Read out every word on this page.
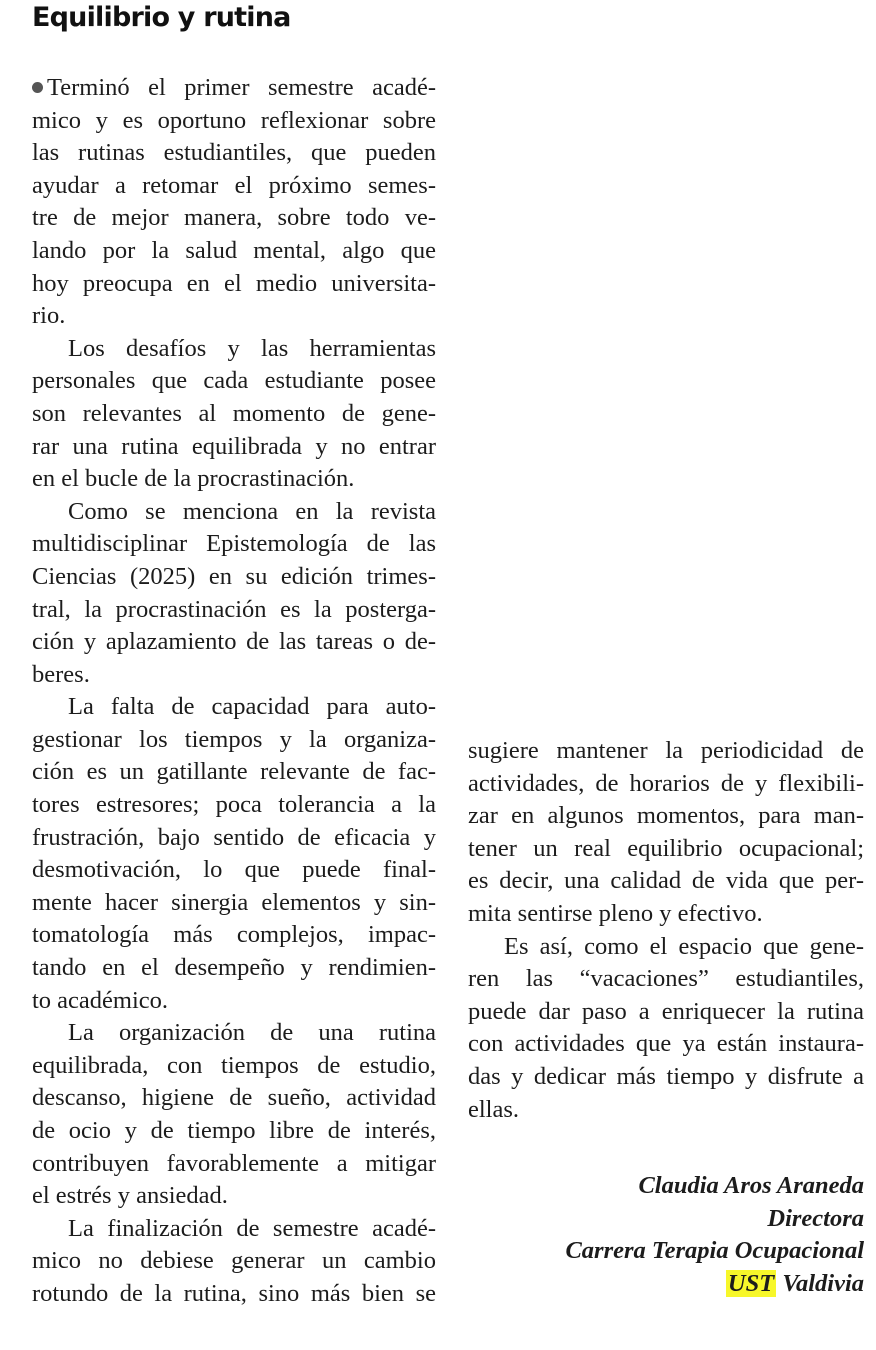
Equilibrio y rutina
Terminó el primer semestre acadé-
mico y es oportuno reflexionar sobre
las rutinas estudiantiles, que pueden
ayudar a retomar el próximo semes-
tre de mejor manera, sobre todo ve-
lando por la salud mental, algo que
hoy preocupa en el medio universita-
rio.
Los desafíos y las herramientas
personales que cada estudiante posee
son relevantes al momento de gene-
rar una rutina equilibrada y no entrar
en el bucle de la procrastinación.
Como se menciona en la revista
multidisciplinar Epistemología de las
Ciencias (2025) en su edición trimes-
tral, la procrastinación es la posterga-
ción y aplazamiento de las tareas o de-
beres.
La falta de capacidad para auto-
gestionar los tiempos y la organiza-
ción es un gatillante relevante de fac-
tores estresores; poca tolerancia a la
frustración, bajo sentido de eficacia y
desmotivación, lo que puede final-
mente hacer sinergia elementos y sin-
tomatología más complejos, impac-
tando en el desempeño y rendimien-
to académico.
La organización de una rutina
equilibrada, con tiempos de estudio,
descanso, higiene de sueño, actividad
de ocio y de tiempo libre de interés,
contribuyen favorablemente a mitigar
el estrés y ansiedad.
La finalización de semestre acadé-
mico no debiese generar un cambio
rotundo de la rutina, sino más bien se
sugiere mantener la periodicidad de
actividades, de horarios de y flexibili-
zar en algunos momentos, para man-
tener un real equilibrio ocupacional;
es decir, una calidad de vida que per-
mita sentirse pleno y efectivo.
Es así, como el espacio que gene-
ren las “vacaciones” estudiantiles,
puede dar paso a enriquecer la rutina
con actividades que ya están instaura-
das y dedicar más tiempo y disfrute a
ellas.
Claudia Aros Araneda
Directora
Carrera Terapia Ocupacional
UST Valdivia
